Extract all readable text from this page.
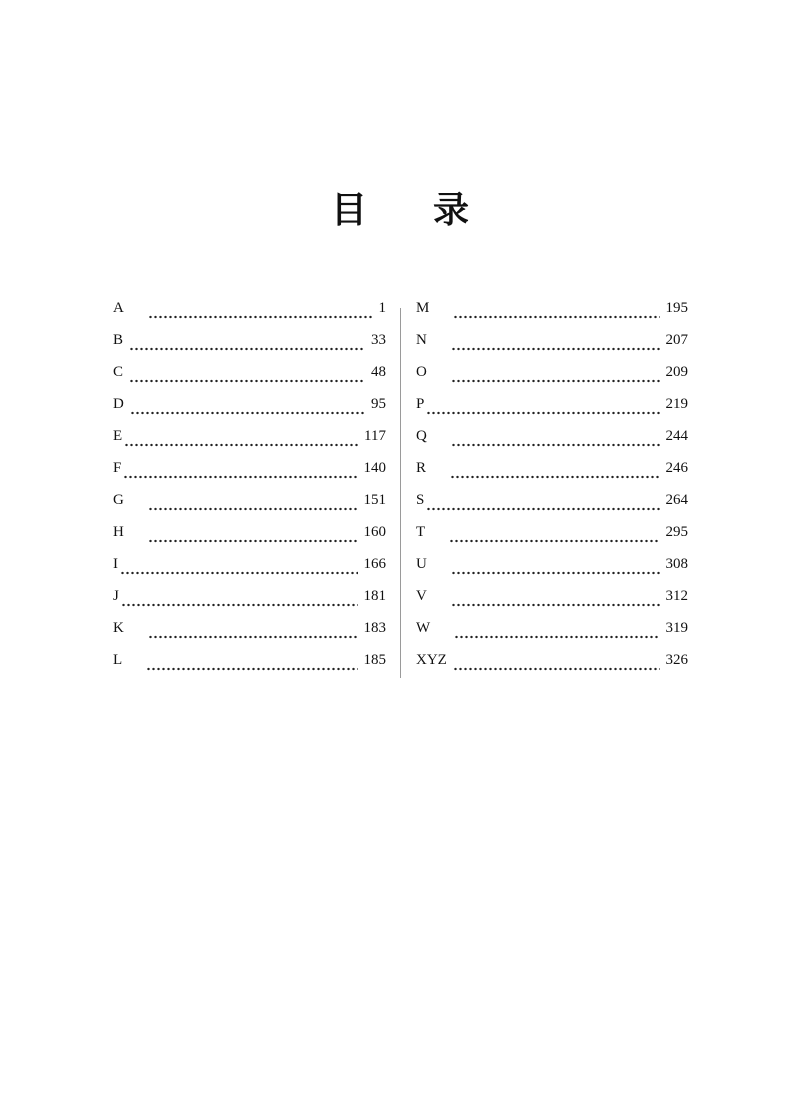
目 录
A	1
B	33
C	48
D	95
E	117
F	140
G	151
H	160
I	166
J	181
K	183
L	185
M	195
N	207
O	209
P	219
Q	244
R	246
S	264
T	295
U	308
V	312
W	319
XYZ	326
